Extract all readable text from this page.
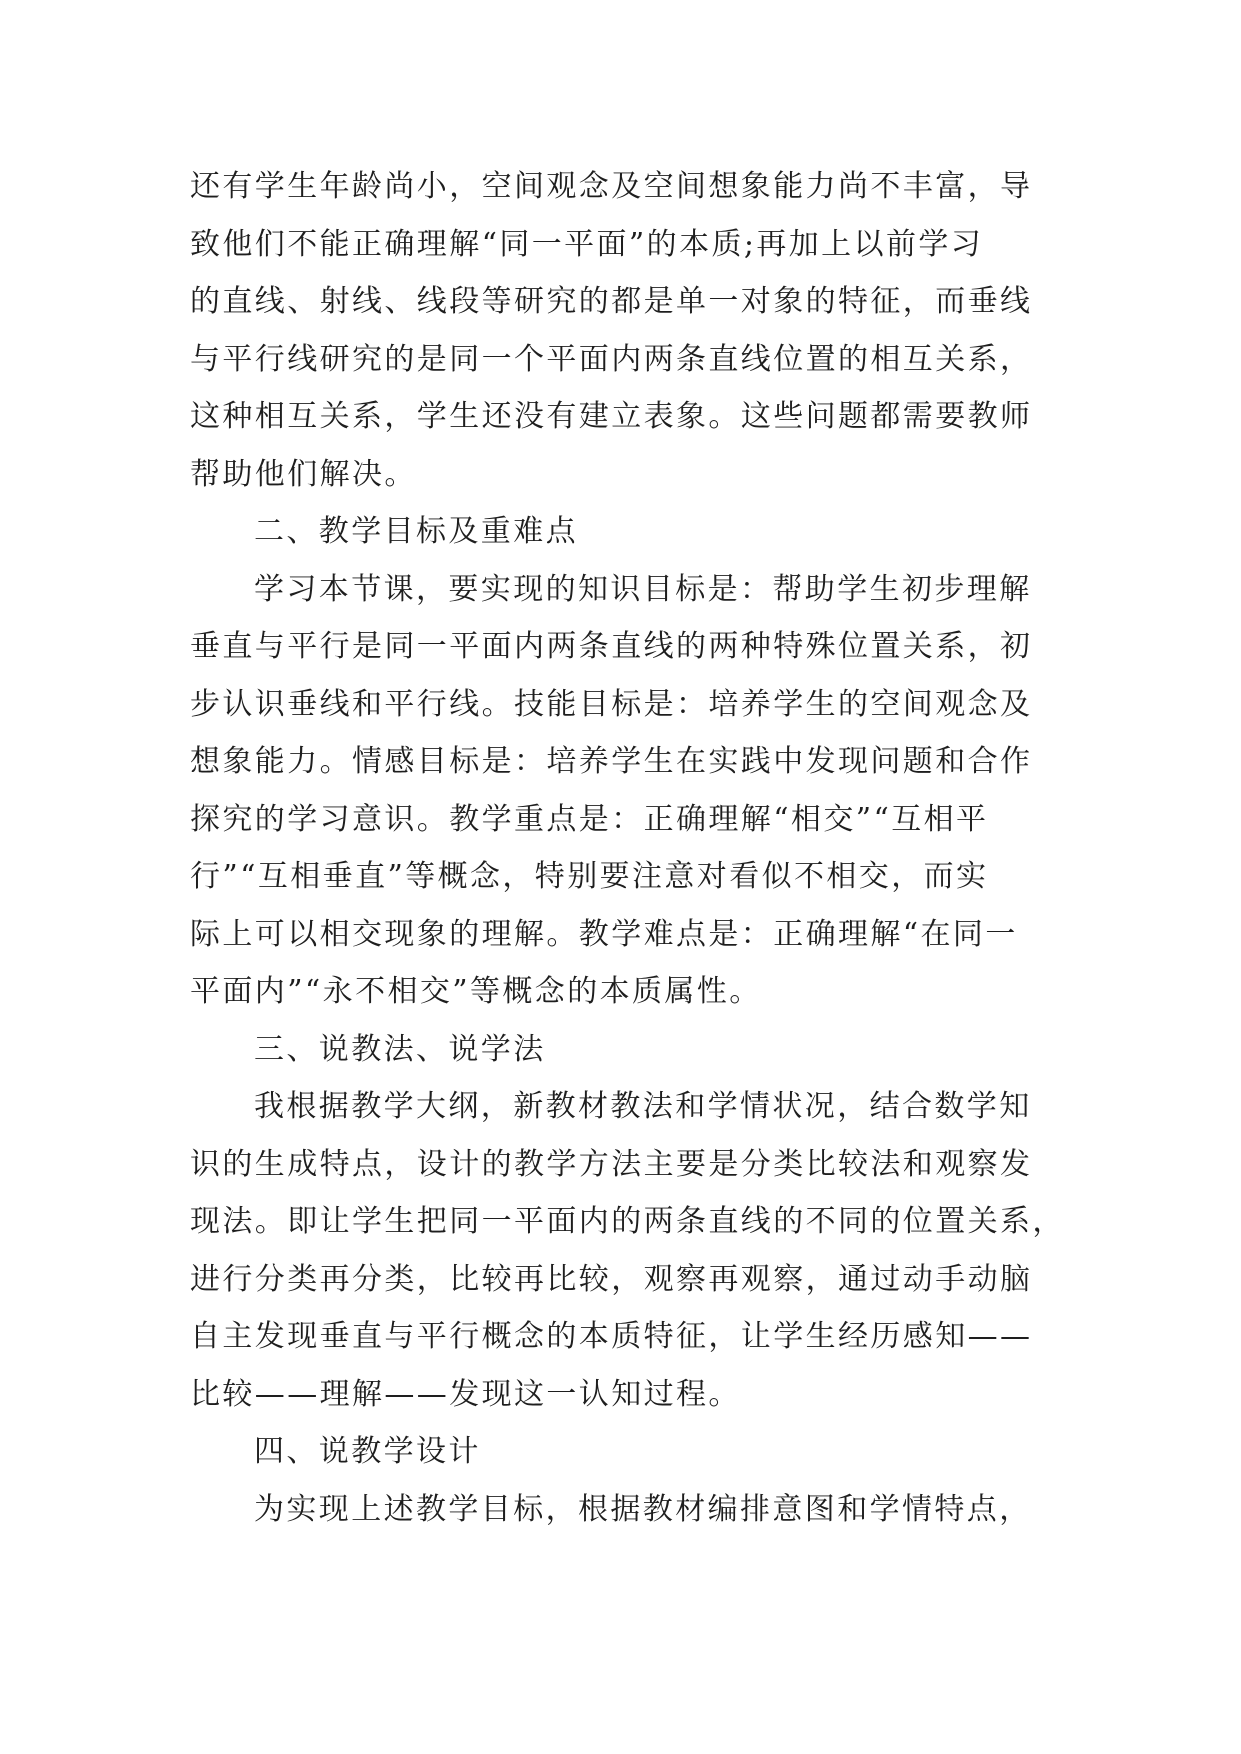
还有学生年龄尚小，空间观念及空间想象能力尚不丰富，导
致他们不能正确理解“同一平面”的本质;再加上以前学习
的直线、射线、线段等研究的都是单一对象的特征，而垂线
与平行线研究的是同一个平面内两条直线位置的相互关系，
这种相互关系，学生还没有建立表象。这些问题都需要教师
帮助他们解决。
二、教学目标及重难点
学习本节课，要实现的知识目标是：帮助学生初步理解
垂直与平行是同一平面内两条直线的两种特殊位置关系，初
步认识垂线和平行线。技能目标是：培养学生的空间观念及
想象能力。情感目标是：培养学生在实践中发现问题和合作
探究的学习意识。教学重点是：正确理解“相交”“互相平
行”“互相垂直”等概念，特别要注意对看似不相交，而实
际上可以相交现象的理解。教学难点是：正确理解“在同一
平面内”“永不相交”等概念的本质属性。
三、说教法、说学法
我根据教学大纲，新教材教法和学情状况，结合数学知
识的生成特点，设计的教学方法主要是分类比较法和观察发
现法。即让学生把同一平面内的两条直线的不同的位置关系，
进行分类再分类，比较再比较，观察再观察，通过动手动脑
自主发现垂直与平行概念的本质特征，让学生经历感知——
比较——理解——发现这一认知过程。
四、说教学设计
为实现上述教学目标，根据教材编排意图和学情特点，
